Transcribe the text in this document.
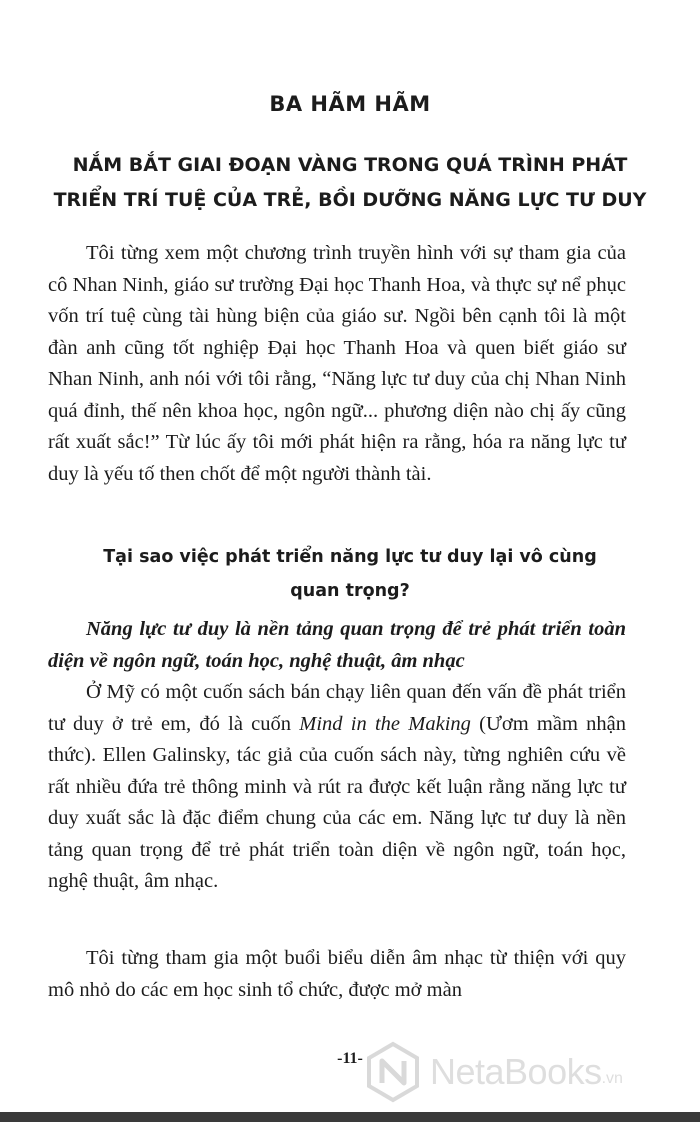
BA HÃM HÃM
NẮM BẮT GIAI ĐOẠN VÀNG TRONG QUÁ TRÌNH PHÁT TRIỂN TRÍ TUỆ CỦA TRẺ, BỒI DƯỠNG NĂNG LỰC TƯ DUY

Tôi từng xem một chương trình truyền hình với sự tham gia của cô Nhan Ninh, giáo sư trường Đại học Thanh Hoa, và thực sự nể phục vốn trí tuệ cùng tài hùng biện của giáo sư. Ngồi bên cạnh tôi là một đàn anh cũng tốt nghiệp Đại học Thanh Hoa và quen biết giáo sư Nhan Ninh, anh nói với tôi rằng, “Năng lực tư duy của chị Nhan Ninh quá đỉnh, thế nên khoa học, ngôn ngữ... phương diện nào chị ấy cũng rất xuất sắc!” Từ lúc ấy tôi mới phát hiện ra rằng, hóa ra năng lực tư duy là yếu tố then chốt để một người thành tài.

Tại sao việc phát triển năng lực tư duy lại vô cùng quan trọng?

Năng lực tư duy là nền tảng quan trọng để trẻ phát triển toàn diện về ngôn ngữ, toán học, nghệ thuật, âm nhạc

Ở Mỹ có một cuốn sách bán chạy liên quan đến vấn đề phát triển tư duy ở trẻ em, đó là cuốn Mind in the Making (Ươm mầm nhận thức). Ellen Galinsky, tác giả của cuốn sách này, từng nghiên cứu về rất nhiều đứa trẻ thông minh và rút ra được kết luận rằng năng lực tư duy xuất sắc là đặc điểm chung của các em. Năng lực tư duy là nền tảng quan trọng để trẻ phát triển toàn diện về ngôn ngữ, toán học, nghệ thuật, âm nhạc.

Tôi từng tham gia một buổi biểu diễn âm nhạc từ thiện với quy mô nhỏ do các em học sinh tổ chức, được mở màn

-11-	NetaBooks .vn
